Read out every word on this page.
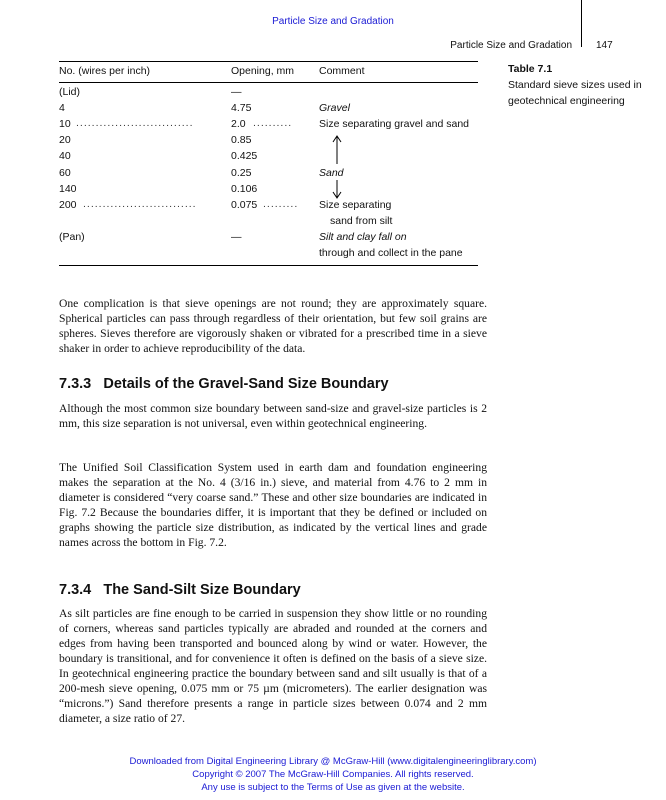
Particle Size and Gradation
Particle Size and Gradation 147
No. (wires per inch)	Opening, mm Comment
(Lid)	—
4	4.75	Gravel
10 ..............................	2.0 ..........	Size separating gravel and sand
20	0.85
40	0.425
60	0.25	Sand
140	0.106
200 .............................	0.075 .........	Size separating
sand from silt
(Pan)	—	Silt and clay fall on
through and collect in the pane
Table 7.1
Standard sieve sizes used in geotechnical engineering
One complication is that sieve openings are not round; they are approximately square. Spherical particles can pass through regardless of their orientation, but few soil grains are spheres. Sieves therefore are vigorously shaken or vibrated for a prescribed time in a sieve shaker in order to achieve reproducibility of the data.
7.3.3 Details of the Gravel-Sand Size Boundary
Although the most common size boundary between sand-size and gravel-size particles is 2 mm, this size separation is not universal, even within geotechnical engineering.
The Unified Soil Classification System used in earth dam and foundation engineering makes the separation at the No. 4 (3/16 in.) sieve, and material from 4.76 to 2 mm in diameter is considered “very coarse sand.” These and other size boundaries are indicated in Fig. 7.2 Because the boundaries differ, it is important that they be defined or included on graphs showing the particle size distribution, as indicated by the vertical lines and grade names across the bottom in Fig. 7.2.
7.3.4 The Sand-Silt Size Boundary
As silt particles are fine enough to be carried in suspension they show little or no rounding of corners, whereas sand particles typically are abraded and rounded at the corners and edges from having been transported and bounced along by wind or water. However, the boundary is transitional, and for convenience it often is defined on the basis of a sieve size. In geotechnical engineering practice the boundary between sand and silt usually is that of a 200-mesh sieve opening, 0.075 mm or 75 µm (micrometers). The earlier designation was “microns.”) Sand therefore presents a range in particle sizes between 0.074 and 2 mm diameter, a size ratio of 27.
Downloaded from Digital Engineering Library @ McGraw-Hill (www.digitalengineeringlibrary.com)
Copyright © 2007 The McGraw-Hill Companies. All rights reserved.
Any use is subject to the Terms of Use as given at the website.
